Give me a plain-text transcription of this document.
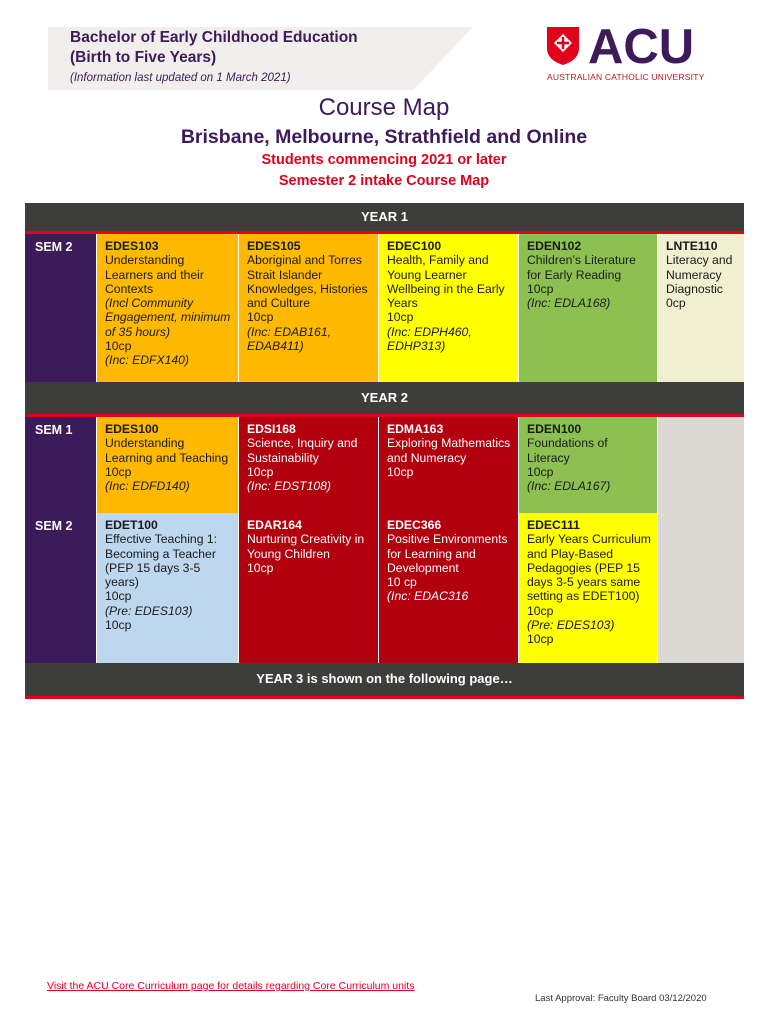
Bachelor of Early Childhood Education
(Birth to Five Years)
(Information last updated on 1 March 2021)
ACU
AUSTRALIAN CATHOLIC UNIVERSITY
Course Map
Brisbane, Melbourne, Strathfield and Online
Students commencing 2021 or later
Semester 2 intake Course Map
YEAR 1
SEM 2	EDES103
Understanding Learners and their Contexts
(Incl Community Engagement, minimum of 35 hours)
10cp
(Inc: EDFX140)
EDES105
Aboriginal and Torres Strait Islander Knowledges, Histories and Culture
10cp
(Inc: EDAB161, EDAB411)
EDEC100
Health, Family and Young Learner Wellbeing in the Early Years
10cp
(Inc: EDPH460, EDHP313)
EDEN102
Children’s Literature for Early Reading
10cp
(Inc: EDLA168)
LNTE110
Literacy and Numeracy Diagnostic
0cp
YEAR 2
SEM 1	EDES100
Understanding Learning and Teaching
10cp
(Inc: EDFD140)
EDSI168
Science, Inquiry and Sustainability
10cp
(Inc: EDST108)
EDMA163
Exploring Mathematics and Numeracy
10cp
EDEN100
Foundations of Literacy
10cp
(Inc: EDLA167)
SEM 2	EDET100
Effective Teaching 1: Becoming a Teacher (PEP 15 days 3-5 years)
10cp
(Pre: EDES103)
10cp
EDAR164
Nurturing Creativity in Young Children
10cp
EDEC366
Positive Environments for Learning and Development
10 cp
(Inc: EDAC316
EDEC111
Early Years Curriculum and Play-Based Pedagogies (PEP 15 days 3-5 years same setting as EDET100)
10cp
(Pre: EDES103)
10cp
YEAR 3 is shown on the following page…
Visit the ACU Core Curriculum page for details regarding Core Curriculum units
Last Approval: Faculty Board 03/12/2020
